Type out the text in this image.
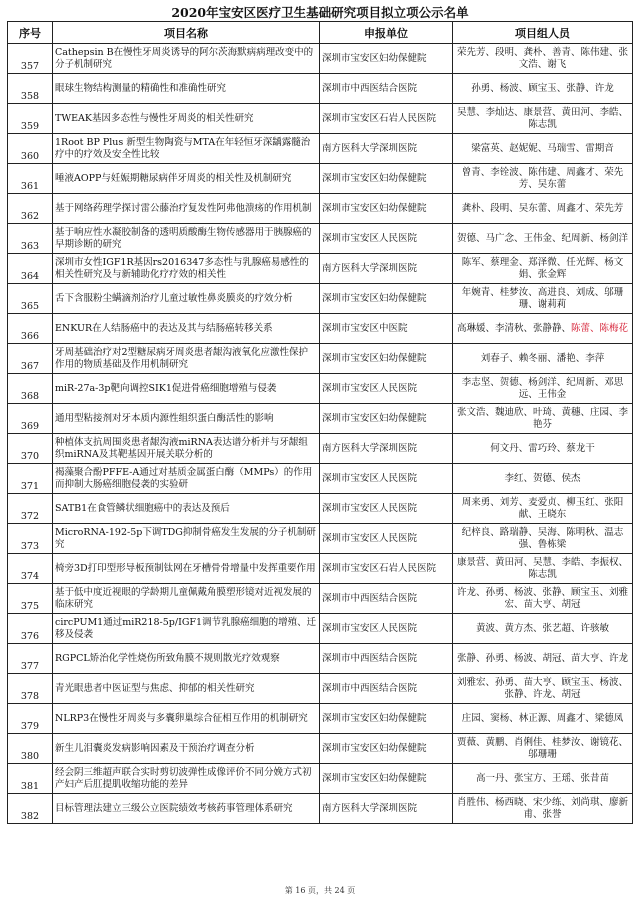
2020年宝安区医疗卫生基础研究项目拟立项公示名单
序号	项目名称	申报单位	项目组人员
357	Cathepsin B在慢性牙周炎诱导的阿尔茨海默病病理改变中的分子机制研究	深圳市宝安区妇幼保健院	荣先芳、段明、龚朴、善青、陈伟建、张文浩、谢飞
358	眼球生物结构测量的精确性和准确性研究	深圳市中西医结合医院	孙勇、杨波、顾宝玉、张静、许龙
359	TWEAK基因多态性与慢性牙周炎的相关性研究	深圳市宝安区石岩人民医院	吴慧、李灿达、康景营、黄田河、李皓、陈志凯
360	1Root BP Plus 新型生物陶瓷与MTA在年轻恒牙深龋露髓治疗中的疗效及安全性比较	南方医科大学深圳医院	梁富英、赵妮妮、马瑞雪、雷期音
361	唾液AOPP与妊娠期糖尿病伴牙周炎的相关性及机制研究	深圳市宝安区妇幼保健院	曾青、李铨波、陈伟建、周鑫才、荣先芳、吴东蕾
362	基于网络药理学探讨雷公藤治疗复发性阿弗他溃疡的作用机制	深圳市宝安区妇幼保健院	龚朴、段明、吴东蕾、周鑫才、荣先芳
363	基于响应性水凝胶制备的透明质酸酶生物传感器用于胰腺癌的早期诊断的研究	深圳市宝安区人民医院	贺德、马广念、王伟金、纪周新、杨剑洋
364	深圳市女性IGF1R基因rs2016347多态性与乳腺癌易感性的相关性研究及与新辅助化疗疗效的相关性	南方医科大学深圳医院	陈军、蔡理金、郑泽微、任光辉、杨文娟、张金辉
365	舌下含服粉尘螨滴剂治疗儿童过敏性鼻炎膜炎的疗效分析	深圳市宝安区妇幼保健院	年婉青、桂梦汝、高进良、刘成、邬珊珊、谢莉莉
366	ENKUR在人结肠癌中的表达及其与结肠癌转移关系	深圳市宝安区中医院	高琳媛、李清秋、张静静、陈蕾、陈梅花
367	牙周基础治疗对2型糖尿病牙周炎患者龈沟液氧化应激性保护作用的物质基础及作用机制研究	深圳市宝安区妇幼保健院	刘春子、赖冬丽、潘艳、李萍
368	miR-27a-3p靶向调控SIK1促进骨癌细胞增殖与侵袭	深圳市宝安区人民医院	李志坚、贺德、杨剑洋、纪周新、邓思远、王伟金
369	通用型粘接剂对牙本质内源性组织蛋白酶活性的影响	深圳市宝安区妇幼保健院	张文浩、魏迪欣、叶琦、黄穗、庄园、李艳芬
370	种植体支抗周围炎患者龈沟液miRNA表达谱分析并与牙龈组织miRNA及其靶基因开展关联分析的	南方医科大学深圳医院	何文丹、雷巧玲、蔡龙干
371	褐藻聚合酚PFFE-A通过对基质金属蛋白酶（MMPs）的作用而抑制大肠癌细胞侵袭的实验研	深圳市宝安区人民医院	李红、贺德、侯杰
372	SATB1在食管鳞状细胞癌中的表达及预后	深圳市宝安区人民医院	周来勇、刘芳、麦爱贞、柳玉红、张阳献、王晓东
373	MicroRNA-192-5p下调TDG抑制骨癌发生发展的分子机制研究	深圳市宝安区人民医院	纪梓良、路瑞静、吴海、陈明秋、温志强、鲁栋梁
374	椅旁3D打印型形导板预制钛网在牙槽骨骨增量中发挥重要作用	深圳市宝安区石岩人民医院	康景营、黄田河、吴慧、李皓、李振权、陈志凯
375	基于低中度近视眼的学龄期儿童佩戴角膜塑形镜对近视发展的临床研究	深圳市中西医结合医院	许龙、孙勇、杨波、张静、顾宝玉、刘雅宏、苗大亨、胡冠
376	circPUM1通过miR218-5p/IGF1调节乳腺癌细胞的增殖、迁移及侵袭	深圳市宝安区人民医院	黄波、黄方杰、张艺超、许骇敏
377	RGPCL矫治化学性烧伤所致角膜不规则散光疗效观察	深圳市中西医结合医院	张静、孙勇、杨波、胡冠、苗大亨、许龙
378	青光眼患者中医证型与焦虑、抑郁的相关性研究	深圳市中西医结合医院	刘雅宏、孙勇、苗大亨、顾宝玉、杨波、张静、许龙、胡冠
379	NLRP3在慢性牙周炎与多囊卵巢综合征相互作用的机制研究	深圳市宝安区妇幼保健院	庄园、窦杨、林正源、周鑫才、梁德凤
380	新生儿泪囊炎发病影响因素及干预治疗调查分析	深圳市宝安区妇幼保健院	贾薇、黄鹏、肖俐佳、桂梦汝、谢镜花、邬珊珊
381	经会阴三维超声联合实时剪切波弹性成像评价不同分娩方式初产妇产后肛提肌收缩功能的差异	深圳市宝安区妇幼保健院	高一丹、张宝方、王瑶、张昔苗
382	目标管理法建立三级公立医院绩效考核药事管理体系研究	南方医科大学深圳医院	肖胜伟、杨西晓、宋少练、刘尚琪、廖新甫、张誉
第 16 页，共 24 页
